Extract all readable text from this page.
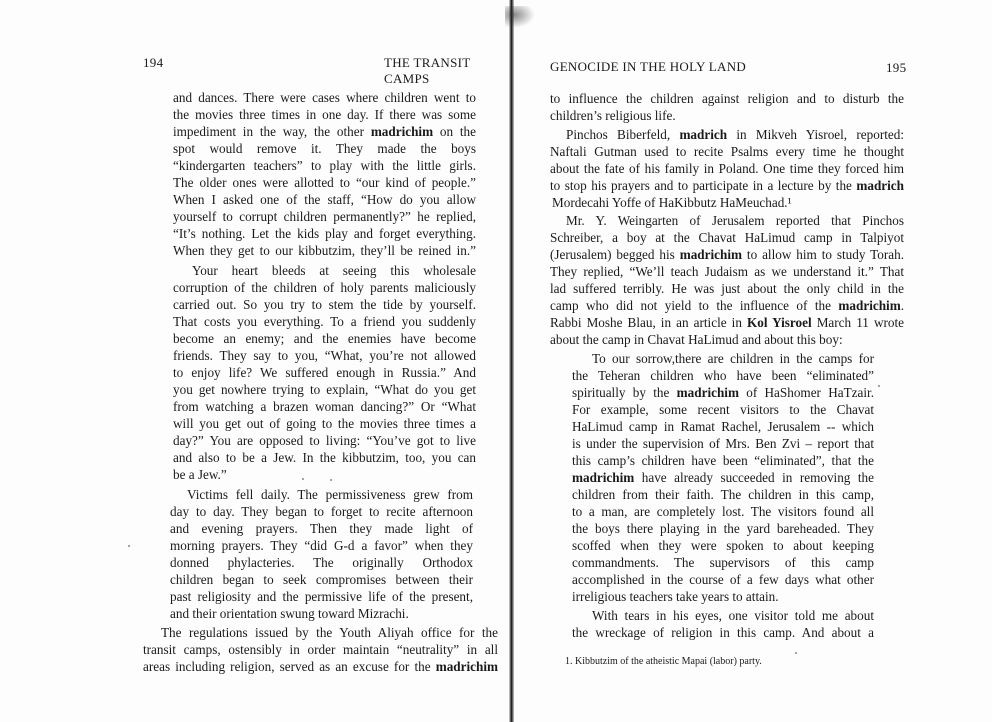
194	THE TRANSIT CAMPS
and dances. There were cases where children went to
the movies three times in one day. If there was some
impediment in the way, the other madrichim on the
spot would remove it. They made the boys
“kindergarten teachers” to play with the little girls.
The older ones were allotted to “our kind of people.”
When I asked one of the staff, “How do you allow
yourself to corrupt children permanently?” he replied,
“It’s nothing. Let the kids play and forget everything.
When they get to our kibbutzim, they’ll be reined in.”
Your heart bleeds at seeing this wholesale
corruption of the children of holy parents maliciously
carried out. So you try to stem the tide by yourself.
That costs you everything. To a friend you suddenly
become an enemy; and the enemies have become
friends. They say to you, “What, you’re not allowed
to enjoy life? We suffered enough in Russia.” And
you get nowhere trying to explain, “What do you get
from watching a brazen woman dancing?” Or “What
will you get out of going to the movies three times a
day?” You are opposed to living: “You’ve got to live
and also to be a Jew. In the kibbutzim, too, you can
be a Jew.”
Victims fell daily. The permissiveness grew from
day to day. They began to forget to recite afternoon
and evening prayers. Then they made light of
morning prayers. They “did G-d a favor” when they
donned phylacteries. The originally Orthodox
children began to seek compromises between their
past religiosity and the permissive life of the present,
and their orientation swung toward Mizrachi.
The regulations issued by the Youth Aliyah office for the
transit camps, ostensibly in order maintain “neutrality” in all
areas including religion, served as an excuse for the madrichim
GENOCIDE IN THE HOLY LAND	195
to influence the children against religion and to disturb the
children’s religious life.
Pinchos Biberfeld, madrich in Mikveh Yisroel, reported:
Naftali Gutman used to recite Psalms every time he thought
about the fate of his family in Poland. One time they forced him
to stop his prayers and to participate in a lecture by the madrich
Mordecahi Yoffe of HaKibbutz HaMeuchad.¹
Mr. Y. Weingarten of Jerusalem reported that Pinchos
Schreiber, a boy at the Chavat HaLimud camp in Talpiyot
(Jerusalem) begged his madrichim to allow him to study Torah.
They replied, “We’ll teach Judaism as we understand it.” That
lad suffered terribly. He was just about the only child in the
camp who did not yield to the influence of the madrichim.
Rabbi Moshe Blau, in an article in Kol Yisroel March 11 wrote
about the camp in Chavat HaLimud and about this boy:
To our sorrow,there are children in the camps for
the Teheran children who have been “eliminated”
spiritually by the madrichim of HaShomer HaTzair.
For example, some recent visitors to the Chavat
HaLimud camp in Ramat Rachel, Jerusalem -- which
is under the supervision of Mrs. Ben Zvi – report that
this camp’s children have been “eliminated”, that the
madrichim have already succeeded in removing the
children from their faith. The children in this camp,
to a man, are completely lost. The visitors found all
the boys there playing in the yard bareheaded. They
scoffed when they were spoken to about keeping
commandments. The supervisors of this camp
accomplished in the course of a few days what other
irreligious teachers take years to attain.
With tears in his eyes, one visitor told me about
the wreckage of religion in this camp. And about a
1. Kibbutzim of the atheistic Mapai (labor) party.
